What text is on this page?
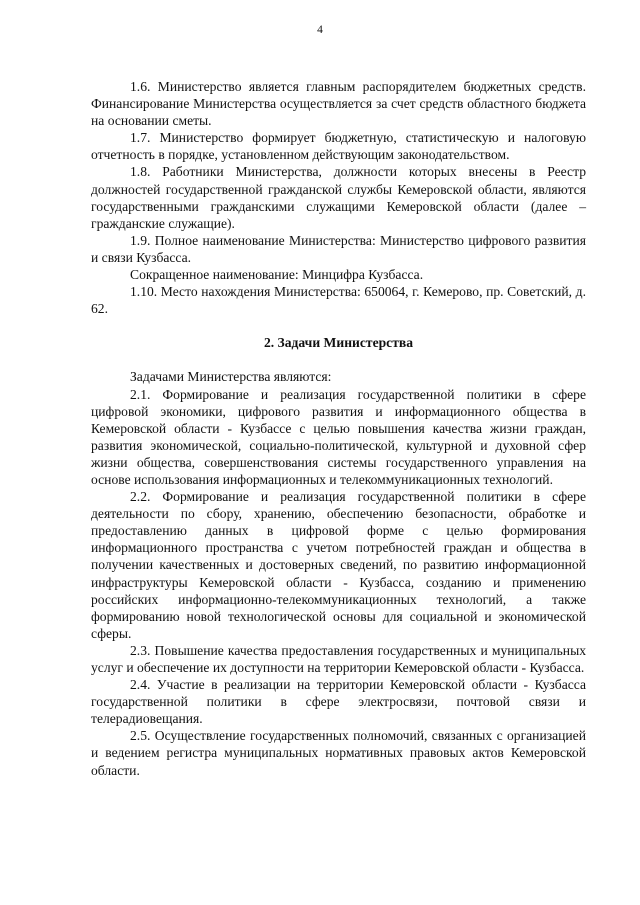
4

1.6. Министерство является главным распорядителем бюджетных средств. Финансирование Министерства осуществляется за счет средств областного бюджета на основании сметы.

1.7. Министерство формирует бюджетную, статистическую и налоговую отчетность в порядке, установленном действующим законодательством.

1.8. Работники Министерства, должности которых внесены в Реестр должностей государственной гражданской службы Кемеровской области, являются государственными гражданскими служащими Кемеровской области (далее – гражданские служащие).

1.9. Полное наименование Министерства: Министерство цифрового развития и связи Кузбасса.

Сокращенное наименование: Минцифра Кузбасса.

1.10. Место нахождения Министерства: 650064, г. Кемерово, пр. Советский, д. 62.

2. Задачи Министерства

Задачами Министерства являются:

2.1. Формирование и реализация государственной политики в сфере цифровой экономики, цифрового развития и информационного общества в Кемеровской области - Кузбассе с целью повышения качества жизни граждан, развития экономической, социально-политической, культурной и духовной сфер жизни общества, совершенствования системы государственного управления на основе использования информационных и телекоммуникационных технологий.

2.2. Формирование и реализация государственной политики в сфере деятельности по сбору, хранению, обеспечению безопасности, обработке и предоставлению данных в цифровой форме с целью формирования информационного пространства с учетом потребностей граждан и общества в получении качественных и достоверных сведений, по развитию информационной инфраструктуры Кемеровской области - Кузбасса, созданию и применению российских информационно-телекоммуникационных технологий, а также формированию новой технологической основы для социальной и экономической сферы.

2.3. Повышение качества предоставления государственных и муниципальных услуг и обеспечение их доступности на территории Кемеровской области - Кузбасса.

2.4. Участие в реализации на территории Кемеровской области - Кузбасса государственной политики в сфере электросвязи, почтовой связи и телерадиовещания.

2.5. Осуществление государственных полномочий, связанных с организацией и ведением регистра муниципальных нормативных правовых актов Кемеровской области.
